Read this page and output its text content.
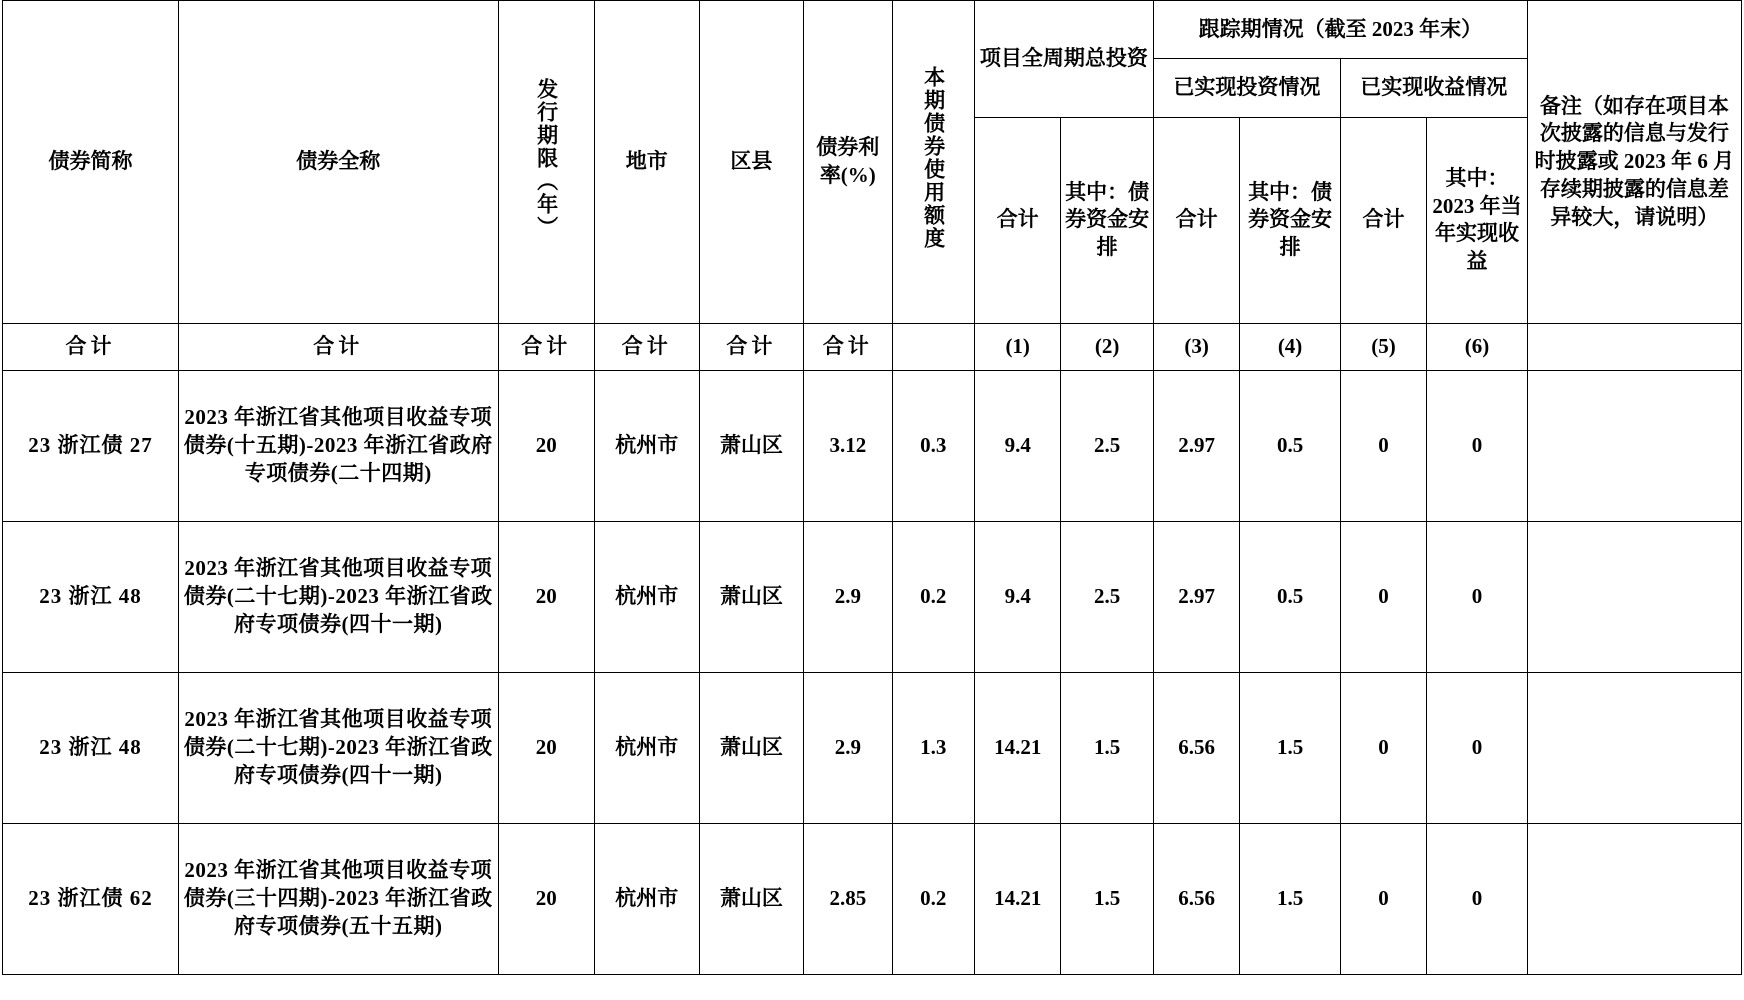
债券简称	债券全称	发行期限（年）	地市	区县	债券利率(%)	本期债券使用额度	项目全周期总投资		跟踪期情况（截至 2023 年末）				备注（如存在项目本次披露的信息与发行时披露或 2023 年 6 月存续期披露的信息差异较大，请说明）
									已实现投资情况		已实现收益情况		
							合计	其中：债券资金安排	合计	其中：债券资金安排	合计	其中：2023 年当年实现收益	
合计	合计	合计	合计	合计	合计		(1)	(2)	(3)	(4)	(5)	(6)	
23 浙江债 27	2023 年浙江省其他项目收益专项债券(十五期)-2023 年浙江省政府专项债券(二十四期)	20	杭州市	萧山区	3.12	0.3	9.4	2.5	2.97	0.5	0	0	
23 浙江 48	2023 年浙江省其他项目收益专项债券(二十七期)-2023 年浙江省政府专项债券(四十一期)	20	杭州市	萧山区	2.9	0.2	9.4	2.5	2.97	0.5	0	0	
23 浙江 48	2023 年浙江省其他项目收益专项债券(二十七期)-2023 年浙江省政府专项债券(四十一期)	20	杭州市	萧山区	2.9	1.3	14.21	1.5	6.56	1.5	0	0	
23 浙江债 62	2023 年浙江省其他项目收益专项债券(三十四期)-2023 年浙江省政府专项债券(五十五期)	20	杭州市	萧山区	2.85	0.2	14.21	1.5	6.56	1.5	0	0	
